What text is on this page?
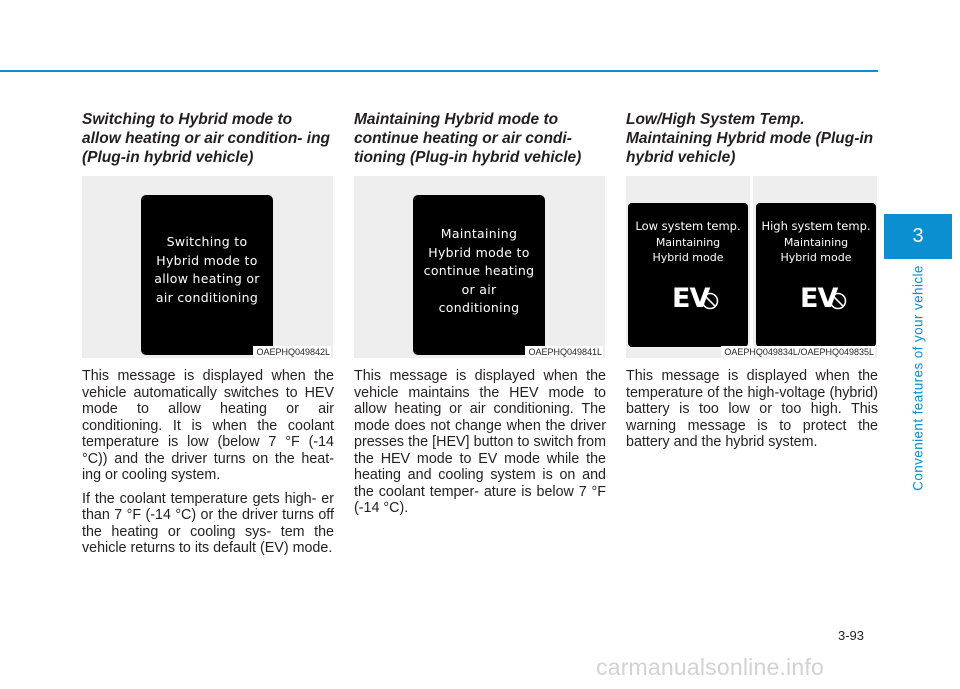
Switching to Hybrid mode to allow heating or air condition- ing (Plug-in hybrid vehicle)
Switching to
Hybrid mode to
allow heating or
air conditioning
OAEPHQ049842L

This message is displayed when the vehicle automatically switches to HEV mode to allow heating or air conditioning. It is when the coolant temperature is low (below 7 °F (-14 °C)) and the driver turns on the heat- ing or cooling system.

If the coolant temperature gets high- er than 7 °F (-14 °C) or the driver turns off the heating or cooling sys- tem the vehicle returns to its default (EV) mode.

Maintaining Hybrid mode to continue heating or air condi- tioning (Plug-in hybrid vehicle)
Maintaining
Hybrid mode to
continue heating
or air
conditioning
OAEPHQ049841L

This message is displayed when the vehicle maintains the HEV mode to allow heating or air conditioning. The mode does not change when the driver presses the [HEV] button to switch from the HEV mode to EV mode while the heating and cooling system is on and the coolant temper- ature is below 7 °F (-14 °C).

Low/High System Temp. Maintaining Hybrid mode (Plug-in hybrid vehicle)
Low system temp.
Maintaining
Hybrid mode
EV
High system temp.
Maintaining
Hybrid mode
EV
OAEPHQ049834L/OAEPHQ049835L

This message is displayed when the temperature of the high-voltage (hybrid) battery is too low or too high. This warning message is to protect the battery and the hybrid system.

3
Convenient features of your vehicle
3-93
carmanualsonline.info
